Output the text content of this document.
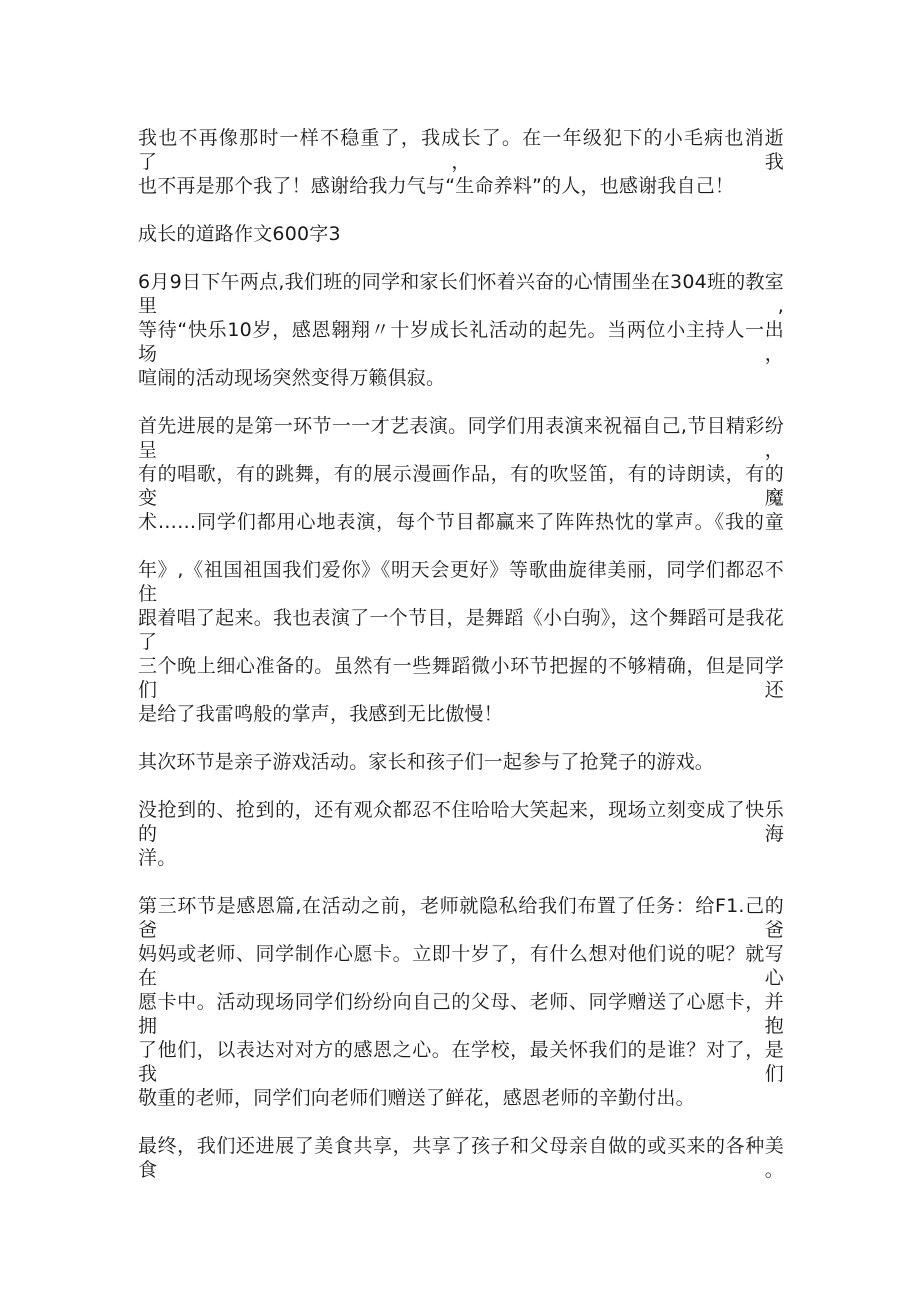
我也不再像那时一样不稳重了，我成长了。在一年级犯下的小毛病也消逝了，我
也不再是那个我了！感谢给我力气与“生命养料”的人，也感谢我自己！
成长的道路作文600字3
6月9日下午两点,我们班的同学和家长们怀着兴奋的心情围坐在304班的教室里,
等待“快乐10岁，感恩翱翔〃十岁成长礼活动的起先。当两位小主持人一出场，
喧闹的活动现场突然变得万籁俱寂。
首先进展的是第一环节一一才艺表演。同学们用表演来祝福自己,节目精彩纷呈，
有的唱歌，有的跳舞，有的展示漫画作品，有的吹竖笛，有的诗朗读，有的变魔
术……同学们都用心地表演，每个节目都赢来了阵阵热忱的掌声。《我的童
年》,《祖国祖国我们爱你》《明天会更好》等歌曲旋律美丽，同学们都忍不住
跟着唱了起来。我也表演了一个节目，是舞蹈《小白驹》，这个舞蹈可是我花了
三个晚上细心准备的。虽然有一些舞蹈微小环节把握的不够精确，但是同学们还
是给了我雷鸣般的掌声，我感到无比傲慢！
其次环节是亲子游戏活动。家长和孩子们一起参与了抢凳子的游戏。
没抢到的、抢到的，还有观众都忍不住哈哈大笑起来，现场立刻变成了快乐的海
洋。
第三环节是感恩篇,在活动之前，老师就隐私给我们布置了任务：给F1.己的爸爸
妈妈或老师、同学制作心愿卡。立即十岁了，有什么想对他们说的呢？就写在心
愿卡中。活动现场同学们纷纷向自己的父母、老师、同学赠送了心愿卡，并拥抱
了他们，以表达对对方的感恩之心。在学校，最关怀我们的是谁？对了，是我们
敬重的老师，同学们向老师们赠送了鲜花，感恩老师的辛勤付出。
最终，我们还进展了美食共享，共享了孩子和父母亲自做的或买来的各种美食。
